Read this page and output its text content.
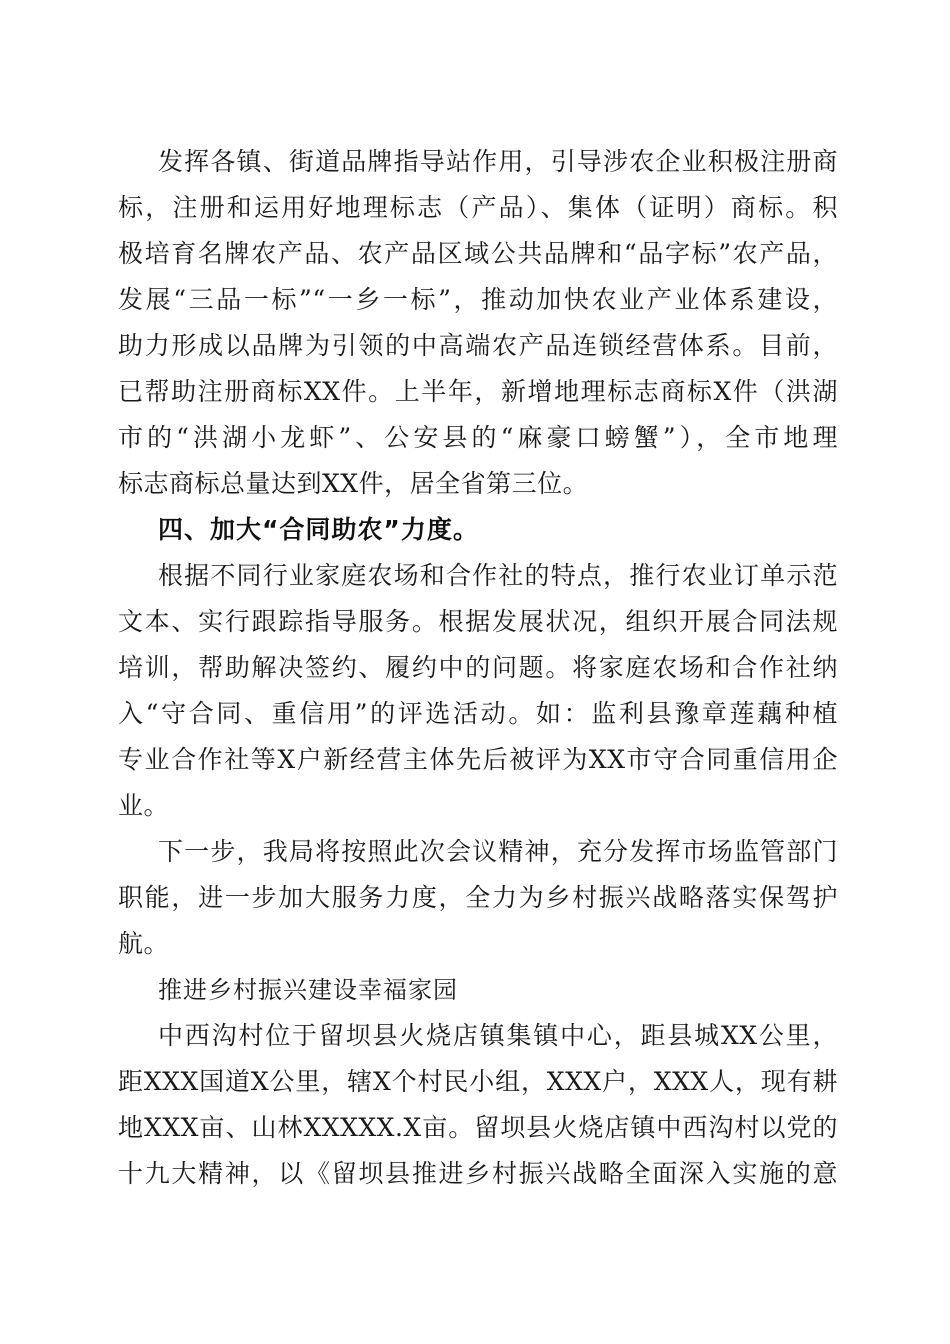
发挥各镇、街道品牌指导站作用，引导涉农企业积极注册商
标，注册和运用好地理标志（产品）、集体（证明）商标。积
极培育名牌农产品、农产品区域公共品牌和“品字标”农产品，
发展“三品一标”“一乡一标”，推动加快农业产业体系建设，
助力形成以品牌为引领的中高端农产品连锁经营体系。目前，
已帮助注册商标XX件。上半年，新增地理标志商标X件（洪湖
市的“洪湖小龙虾”、公安县的“麻豪口螃蟹”），全市地理
标志商标总量达到XX件，居全省第三位。
四、加大“合同助农”力度。
根据不同行业家庭农场和合作社的特点，推行农业订单示范
文本、实行跟踪指导服务。根据发展状况，组织开展合同法规
培训，帮助解决签约、履约中的问题。将家庭农场和合作社纳
入“守合同、重信用”的评选活动。如：监利县豫章莲藕种植
专业合作社等X户新经营主体先后被评为XX市守合同重信用企
业。
下一步，我局将按照此次会议精神，充分发挥市场监管部门
职能，进一步加大服务力度，全力为乡村振兴战略落实保驾护
航。
推进乡村振兴建设幸福家园
中西沟村位于留坝县火烧店镇集镇中心，距县城XX公里，
距XXX国道X公里，辖X个村民小组，XXX户，XXX人，现有耕
地XXX亩、山林XXXXX.X亩。留坝县火烧店镇中西沟村以党的
十九大精神，以《留坝县推进乡村振兴战略全面深入实施的意
